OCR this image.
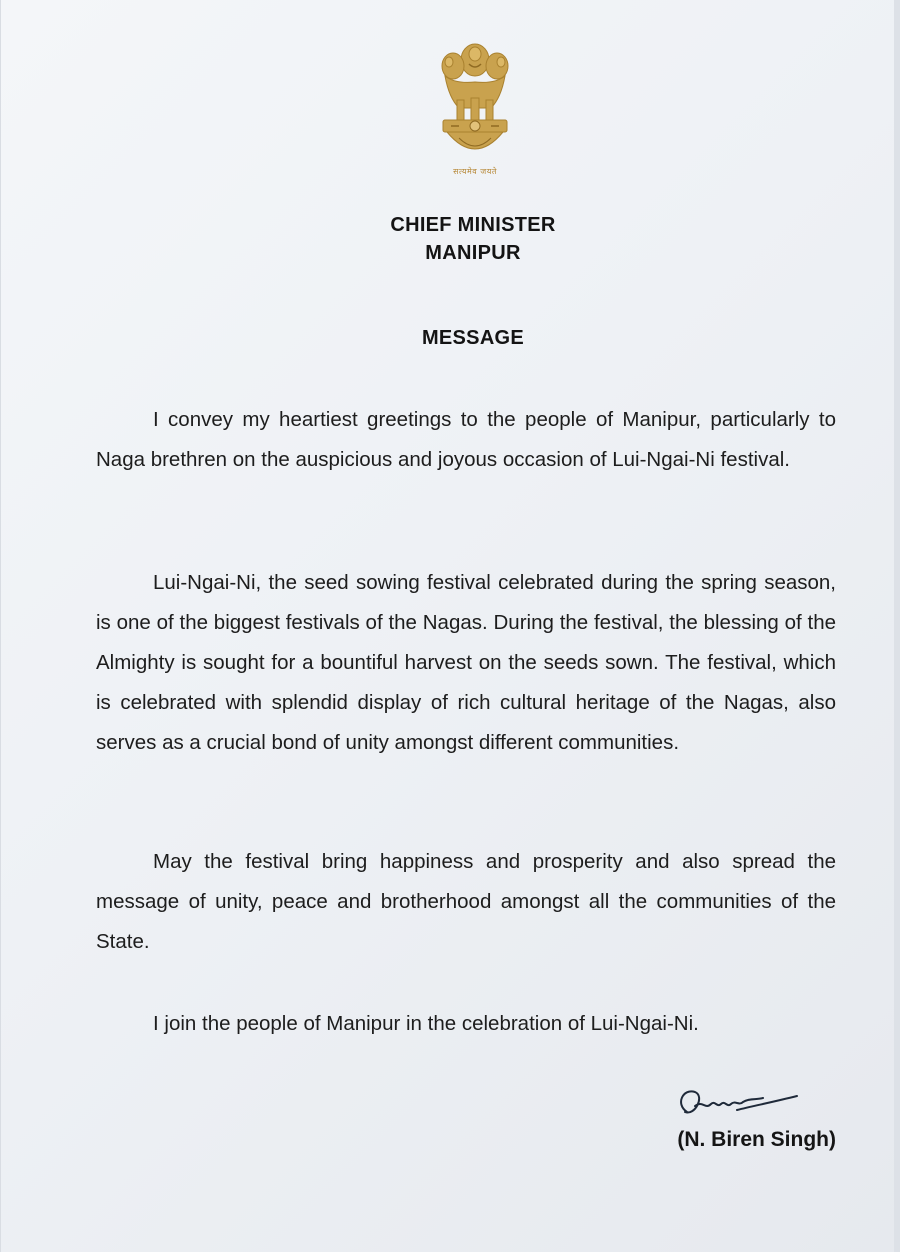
सत्यमेव जयते
CHIEF MINISTER
MANIPUR
MESSAGE

I convey my heartiest greetings to the people of Manipur, particularly to Naga brethren on the auspicious and joyous occasion of Lui-Ngai-Ni festival.

Lui-Ngai-Ni, the seed sowing festival celebrated during the spring season, is one of the biggest festivals of the Nagas. During the festival, the blessing of the Almighty is sought for a bountiful harvest on the seeds sown. The festival, which is celebrated with splendid display of rich cultural heritage of the Nagas, also serves as a crucial bond of unity amongst different communities.

May the festival bring happiness and prosperity and also spread the message of unity, peace and brotherhood amongst all the communities of the State.

I join the people of Manipur in the celebration of Lui-Ngai-Ni.

(N. Biren Singh)
